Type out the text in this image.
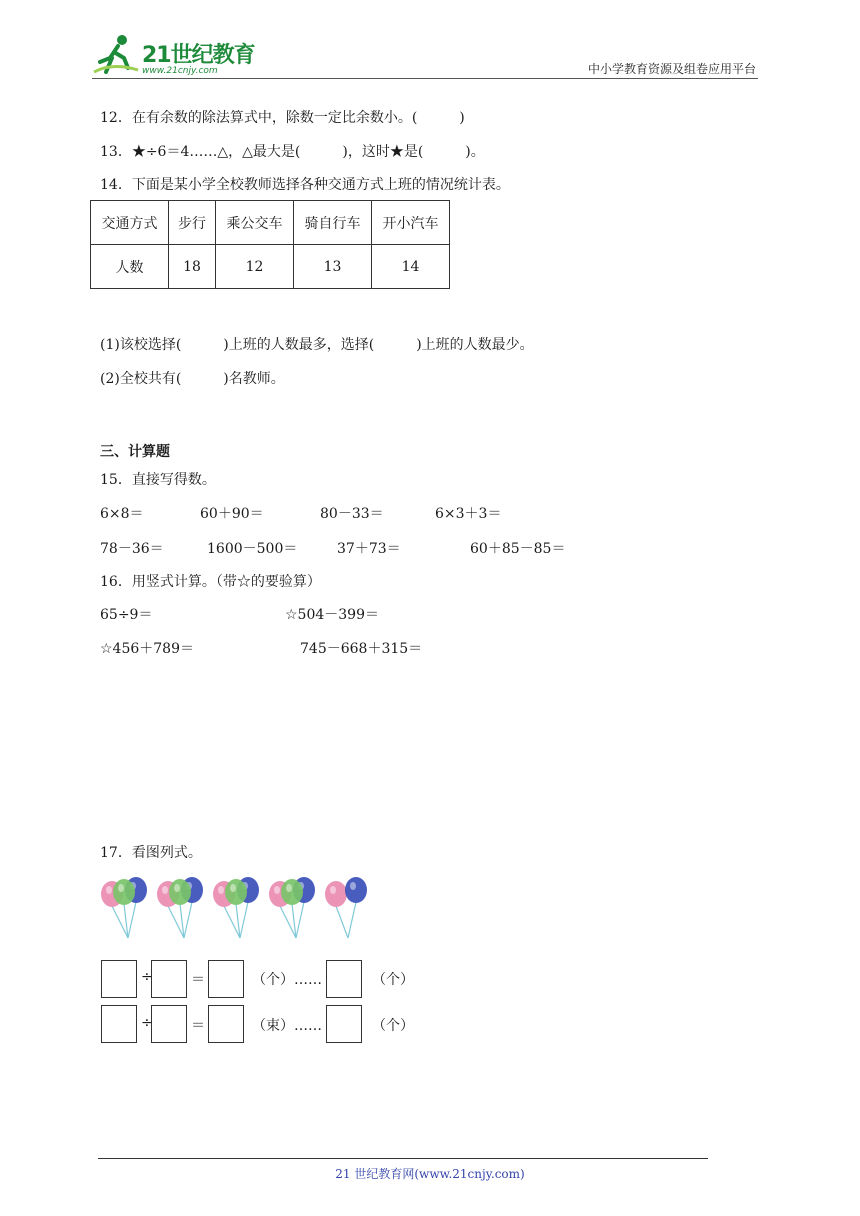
21世纪教育
www.21cnjy.com	中小学教育资源及组卷应用平台
12．在有余数的除法算式中，除数一定比余数小。(　　　)
13．★÷6＝4……△，△最大是(　　　)，这时★是(　　　)。
14．下面是某小学全校教师选择各种交通方式上班的情况统计表。
交通方式	步行	乘公交车	骑自行车	开小汽车
人数	18	12	13	14
(1)该校选择(　　　)上班的人数最多，选择(　　　)上班的人数最少。
(2)全校共有(　　　)名教师。
三、计算题
15．直接写得数。
6×8＝	60＋90＝	80－33＝	6×3＋3＝
78－36＝	1600－500＝	37＋73＝	60＋85－85＝
16．用竖式计算。（带☆的要验算）
65÷9＝	☆504－399＝
☆456＋789＝	745－668＋315＝
17．看图列式。
÷	＝	（个）……	（个）
÷	＝	（束）……	（个）
21 世纪教育网(www.21cnjy.com)
